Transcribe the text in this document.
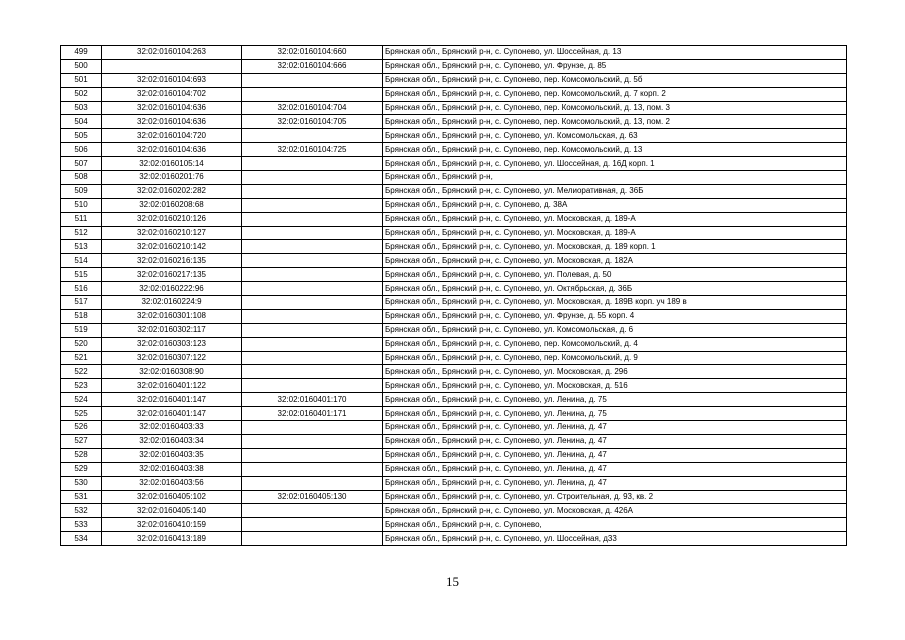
499	32:02:0160104:263	32:02:0160104:660	Брянская обл., Брянский р-н, с. Супонево, ул. Шоссейная, д. 13
500		32:02:0160104:666	Брянская обл., Брянский р-н, с. Супонево, ул. Фрунзе, д. 85
501	32:02:0160104:693		Брянская обл., Брянский р-н, с. Супонево, пер. Комсомольский, д. 5б
502	32:02:0160104:702		Брянская обл., Брянский р-н, с. Супонево, пер. Комсомольский, д. 7 корп. 2
503	32:02:0160104:636	32:02:0160104:704	Брянская обл., Брянский р-н, с. Супонево, пер. Комсомольский, д. 13, пом. 3
504	32:02:0160104:636	32:02:0160104:705	Брянская обл., Брянский р-н, с. Супонево, пер. Комсомольский, д. 13, пом. 2
505	32:02:0160104:720		Брянская обл., Брянский р-н, с. Супонево, ул. Комсомольская, д. 63
506	32:02:0160104:636	32:02:0160104:725	Брянская обл., Брянский р-н, с. Супонево, пер. Комсомольский, д. 13
507	32:02:0160105:14		Брянская обл., Брянский р-н, с. Супонево, ул. Шоссейная, д. 16Д корп. 1
508	32:02:0160201:76		Брянская обл., Брянский р-н,
509	32:02:0160202:282		Брянская обл., Брянский р-н, с. Супонево, ул. Мелиоративная, д. 36Б
510	32:02:0160208:68		Брянская обл., Брянский р-н, с. Супонево, д. 38А
511	32:02:0160210:126		Брянская обл., Брянский р-н, с. Супонево, ул. Московская, д. 189-А
512	32:02:0160210:127		Брянская обл., Брянский р-н, с. Супонево, ул. Московская, д. 189-А
513	32:02:0160210:142		Брянская обл., Брянский р-н, с. Супонево, ул. Московская, д. 189 корп. 1
514	32:02:0160216:135		Брянская обл., Брянский р-н, с. Супонево, ул. Московская, д. 182А
515	32:02:0160217:135		Брянская обл., Брянский р-н, с. Супонево, ул. Полевая, д. 50
516	32:02:0160222:96		Брянская обл., Брянский р-н, с. Супонево, ул. Октябрьская, д. 36Б
517	32:02:0160224:9		Брянская обл., Брянский р-н, с. Супонево, ул. Московская, д. 189В корп. уч 189 в
518	32:02:0160301:108		Брянская обл., Брянский р-н, с. Супонево, ул. Фрунзе, д. 55 корп. 4
519	32:02:0160302:117		Брянская обл., Брянский р-н, с. Супонево, ул. Комсомольская, д. 6
520	32:02:0160303:123		Брянская обл., Брянский р-н, с. Супонево, пер. Комсомольский, д. 4
521	32:02:0160307:122		Брянская обл., Брянский р-н, с. Супонево, пер. Комсомольский, д. 9
522	32:02:0160308:90		Брянская обл., Брянский р-н, с. Супонево, ул. Московская, д. 296
523	32:02:0160401:122		Брянская обл., Брянский р-н, с. Супонево, ул. Московская, д. 516
524	32:02:0160401:147	32:02:0160401:170	Брянская обл., Брянский р-н, с. Супонево, ул. Ленина, д. 75
525	32:02:0160401:147	32:02:0160401:171	Брянская обл., Брянский р-н, с. Супонево, ул. Ленина, д. 75
526	32:02:0160403:33		Брянская обл., Брянский р-н, с. Супонево, ул. Ленина, д. 47
527	32:02:0160403:34		Брянская обл., Брянский р-н, с. Супонево, ул. Ленина, д. 47
528	32:02:0160403:35		Брянская обл., Брянский р-н, с. Супонево, ул. Ленина, д. 47
529	32:02:0160403:38		Брянская обл., Брянский р-н, с. Супонево, ул. Ленина, д. 47
530	32:02:0160403:56		Брянская обл., Брянский р-н, с. Супонево, ул. Ленина, д. 47
531	32:02:0160405:102	32:02:0160405:130	Брянская обл., Брянский р-н, с. Супонево, ул. Строительная, д. 93, кв. 2
532	32:02:0160405:140		Брянская обл., Брянский р-н, с. Супонево, ул. Московская, д. 426А
533	32:02:0160410:159		Брянская обл., Брянский р-н, с. Супонево,
534	32:02:0160413:189		Брянская обл., Брянский р-н, с. Супонево, ул. Шоссейная, д33
15
